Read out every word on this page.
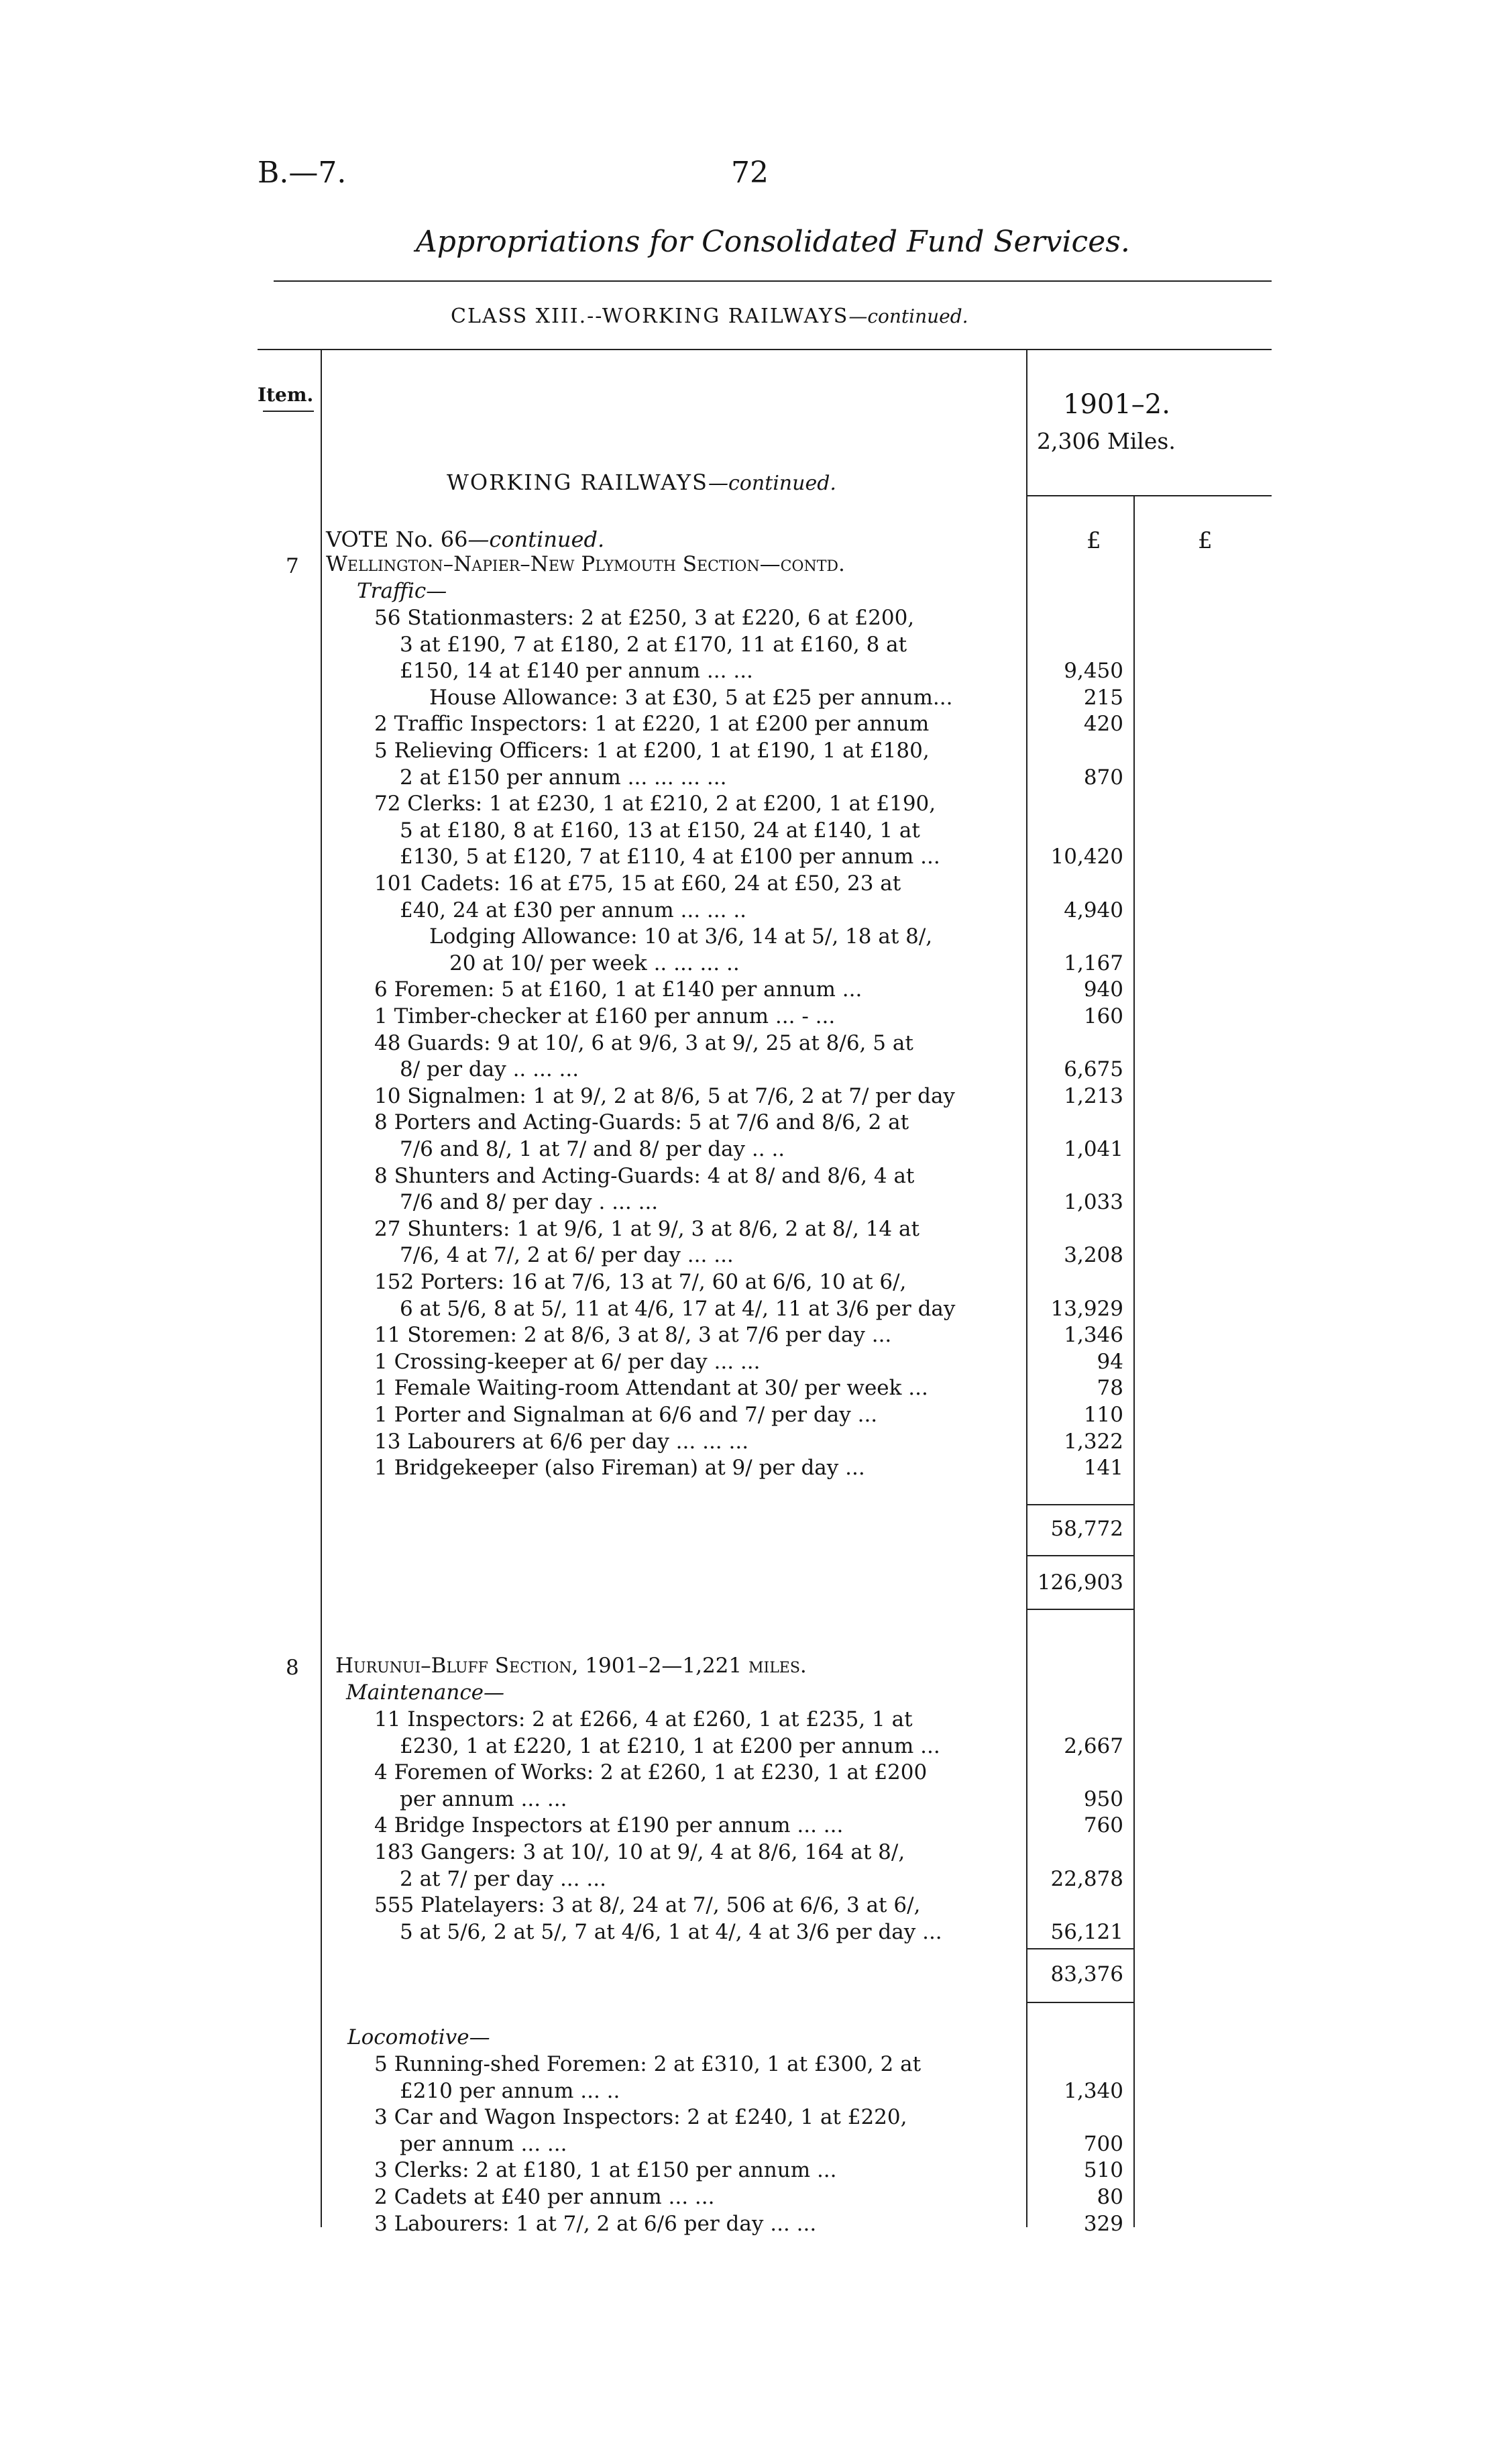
B.—7.	72
Appropriations for Consolidated Fund Services.
CLASS XIII.--WORKING RAILWAYS—continued.
Item.	1901–2.
2,306 Miles.
WORKING RAILWAYS—continued.
£	£
VOTE No. 66—continued.
7 Wellington–Napier–New Plymouth Section—contd.
Traffic—
56 Stationmasters: 2 at £250, 3 at £220, 6 at £200,
3 at £190, 7 at £180, 2 at £170, 11 at £160, 8 at
£150, 14 at £140 per annum ... ...	9,450
House Allowance: 3 at £30, 5 at £25 per annum...	215
2 Traffic Inspectors: 1 at £220, 1 at £200 per annum	420
5 Relieving Officers: 1 at £200, 1 at £190, 1 at £180,
2 at £150 per annum ... ... ... ...	870
72 Clerks: 1 at £230, 1 at £210, 2 at £200, 1 at £190,
5 at £180, 8 at £160, 13 at £150, 24 at £140, 1 at
£130, 5 at £120, 7 at £110, 4 at £100 per annum ...	10,420
101 Cadets: 16 at £75, 15 at £60, 24 at £50, 23 at
£40, 24 at £30 per annum ... ... ..	4,940
Lodging Allowance: 10 at 3/6, 14 at 5/, 18 at 8/,
20 at 10/ per week .. ... ... ..	1,167
6 Foremen: 5 at £160, 1 at £140 per annum ...	940
1 Timber-checker at £160 per annum ... - ...	160
48 Guards: 9 at 10/, 6 at 9/6, 3 at 9/, 25 at 8/6, 5 at
8/ per day .. ... ...	6,675
10 Signalmen: 1 at 9/, 2 at 8/6, 5 at 7/6, 2 at 7/ per day	1,213
8 Porters and Acting-Guards: 5 at 7/6 and 8/6, 2 at
7/6 and 8/, 1 at 7/ and 8/ per day .. ..	1,041
8 Shunters and Acting-Guards: 4 at 8/ and 8/6, 4 at
7/6 and 8/ per day . ... ...	1,033
27 Shunters: 1 at 9/6, 1 at 9/, 3 at 8/6, 2 at 8/, 14 at
7/6, 4 at 7/, 2 at 6/ per day ... ...	3,208
152 Porters: 16 at 7/6, 13 at 7/, 60 at 6/6, 10 at 6/,
6 at 5/6, 8 at 5/, 11 at 4/6, 17 at 4/, 11 at 3/6 per day	13,929
11 Storemen: 2 at 8/6, 3 at 8/, 3 at 7/6 per day ...	1,346
1 Crossing-keeper at 6/ per day ... ...	94
1 Female Waiting-room Attendant at 30/ per week ...	78
1 Porter and Signalman at 6/6 and 7/ per day ...	110
13 Labourers at 6/6 per day ... ... ...	1,322
1 Bridgekeeper (also Fireman) at 9/ per day ...	141
58,772
126,903
8 Hurunui–Bluff Section, 1901–2—1,221 miles.
Maintenance—
11 Inspectors: 2 at £266, 4 at £260, 1 at £235, 1 at
£230, 1 at £220, 1 at £210, 1 at £200 per annum ...	2,667
4 Foremen of Works: 2 at £260, 1 at £230, 1 at £200
per annum ... ...	950
4 Bridge Inspectors at £190 per annum ... ...	760
183 Gangers: 3 at 10/, 10 at 9/, 4 at 8/6, 164 at 8/,
2 at 7/ per day ... ...	22,878
555 Platelayers: 3 at 8/, 24 at 7/, 506 at 6/6, 3 at 6/,
5 at 5/6, 2 at 5/, 7 at 4/6, 1 at 4/, 4 at 3/6 per day ...	56,121
83,376
Locomotive—
5 Running-shed Foremen: 2 at £310, 1 at £300, 2 at
£210 per annum ... ..	1,340
3 Car and Wagon Inspectors: 2 at £240, 1 at £220,
per annum ... ...	700
3 Clerks: 2 at £180, 1 at £150 per annum ...	510
2 Cadets at £40 per annum ... ...	80
3 Labourers: 1 at 7/, 2 at 6/6 per day ... ...	329
